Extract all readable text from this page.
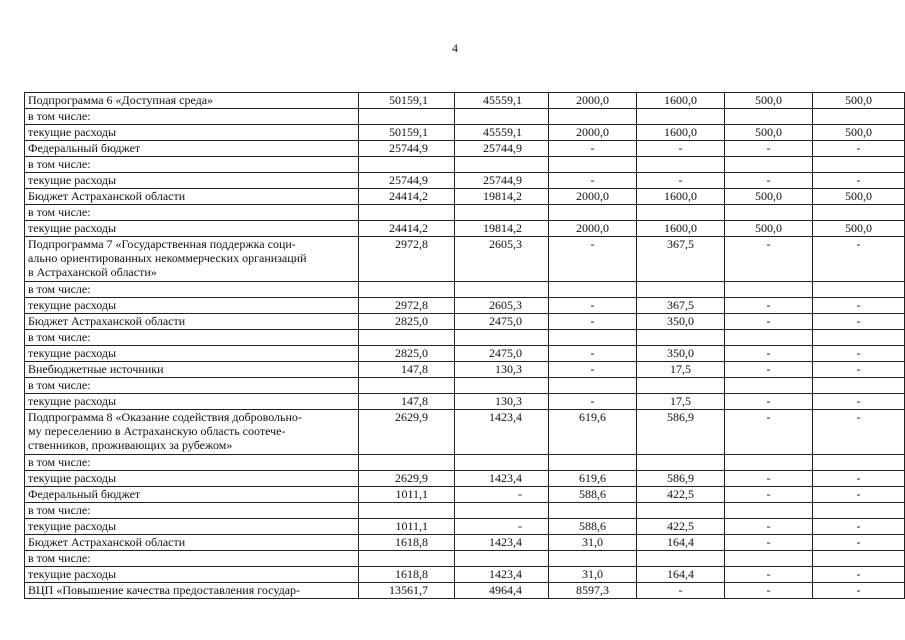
4
Подпрограмма 6 «Доступная среда»	50159,1	45559,1	2000,0	1600,0	500,0	500,0
в том числе:						
текущие расходы	50159,1	45559,1	2000,0	1600,0	500,0	500,0
Федеральный бюджет	25744,9	25744,9	-	-	-	-
в том числе:						
текущие расходы	25744,9	25744,9	-	-	-	-
Бюджет Астраханской области	24414,2	19814,2	2000,0	1600,0	500,0	500,0
в том числе:						
текущие расходы	24414,2	19814,2	2000,0	1600,0	500,0	500,0

Подпрограмма 7 «Государственная поддержка соци-
ально ориентированных некоммерческих организаций
в Астраханской области»	2972,8	2605,3	-	367,5	-	-
в том числе:						
текущие расходы	2972,8	2605,3	-	367,5	-	-
Бюджет Астраханской области	2825,0	2475,0	-	350,0	-	-
в том числе:						
текущие расходы	2825,0	2475,0	-	350,0	-	-
Внебюджетные источники	147,8	130,3	-	17,5	-	-
в том числе:						
текущие расходы	147,8	130,3	-	17,5	-	-

Подпрограмма 8 «Оказание содействия добровольно-
му переселению в Астраханскую область соотече-
ственников, проживающих за рубежом»	2629,9	1423,4	619,6	586,9	-	-
в том числе:						
текущие расходы	2629,9	1423,4	619,6	586,9	-	-
Федеральный бюджет	1011,1	-	588,6	422,5	-	-
в том числе:						
текущие расходы	1011,1	-	588,6	422,5	-	-
Бюджет Астраханской области	1618,8	1423,4	31,0	164,4	-	-
в том числе:						
текущие расходы	1618,8	1423,4	31,0	164,4	-	-
ВЦП «Повышение качества предоставления государ-	13561,7	4964,4	8597,3	-	-	-
